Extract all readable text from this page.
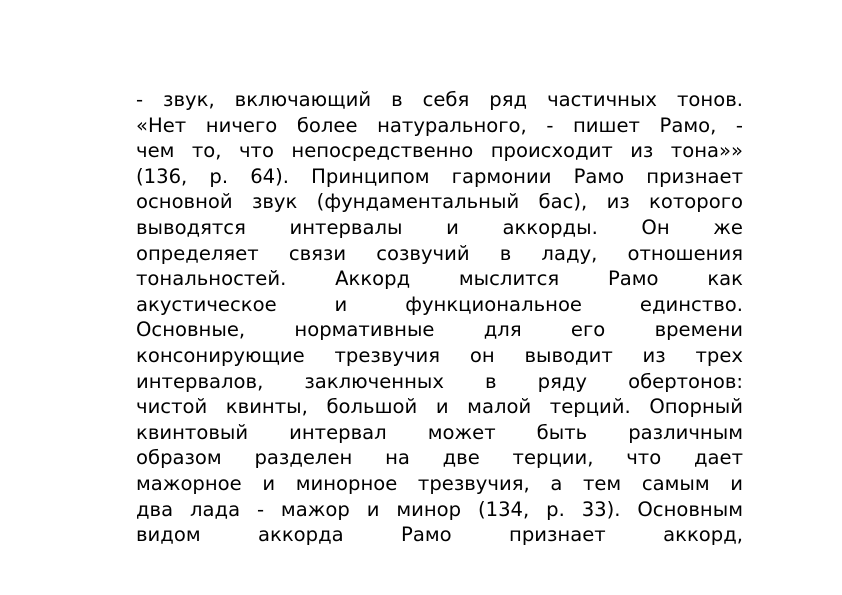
- звук, включающий в себя ряд частичных тонов.
«Нет ничего более натурального, - пишет Рамо, -
чем то, что непосредственно происходит из тона»»
(136, р. 64). Принципом гармонии Рамо признает
основной звук (фундаментальный бас), из которого
выводятся интервалы и аккорды. Он же
определяет связи созвучий в ладу, отношения
тональностей. Аккорд мыслится Рамо как
акустическое и функциональное единство.
Основные, нормативные для его времени
консонирующие трезвучия он выводит из трех
интервалов, заключенных в ряду обертонов:
чистой квинты, большой и малой терций. Опорный
квинтовый интервал может быть различным
образом разделен на две терции, что дает
мажорное и минорное трезвучия, а тем самым и
два лада - мажор и минор (134, р. 33). Основным
видом аккорда Рамо признает аккорд,
